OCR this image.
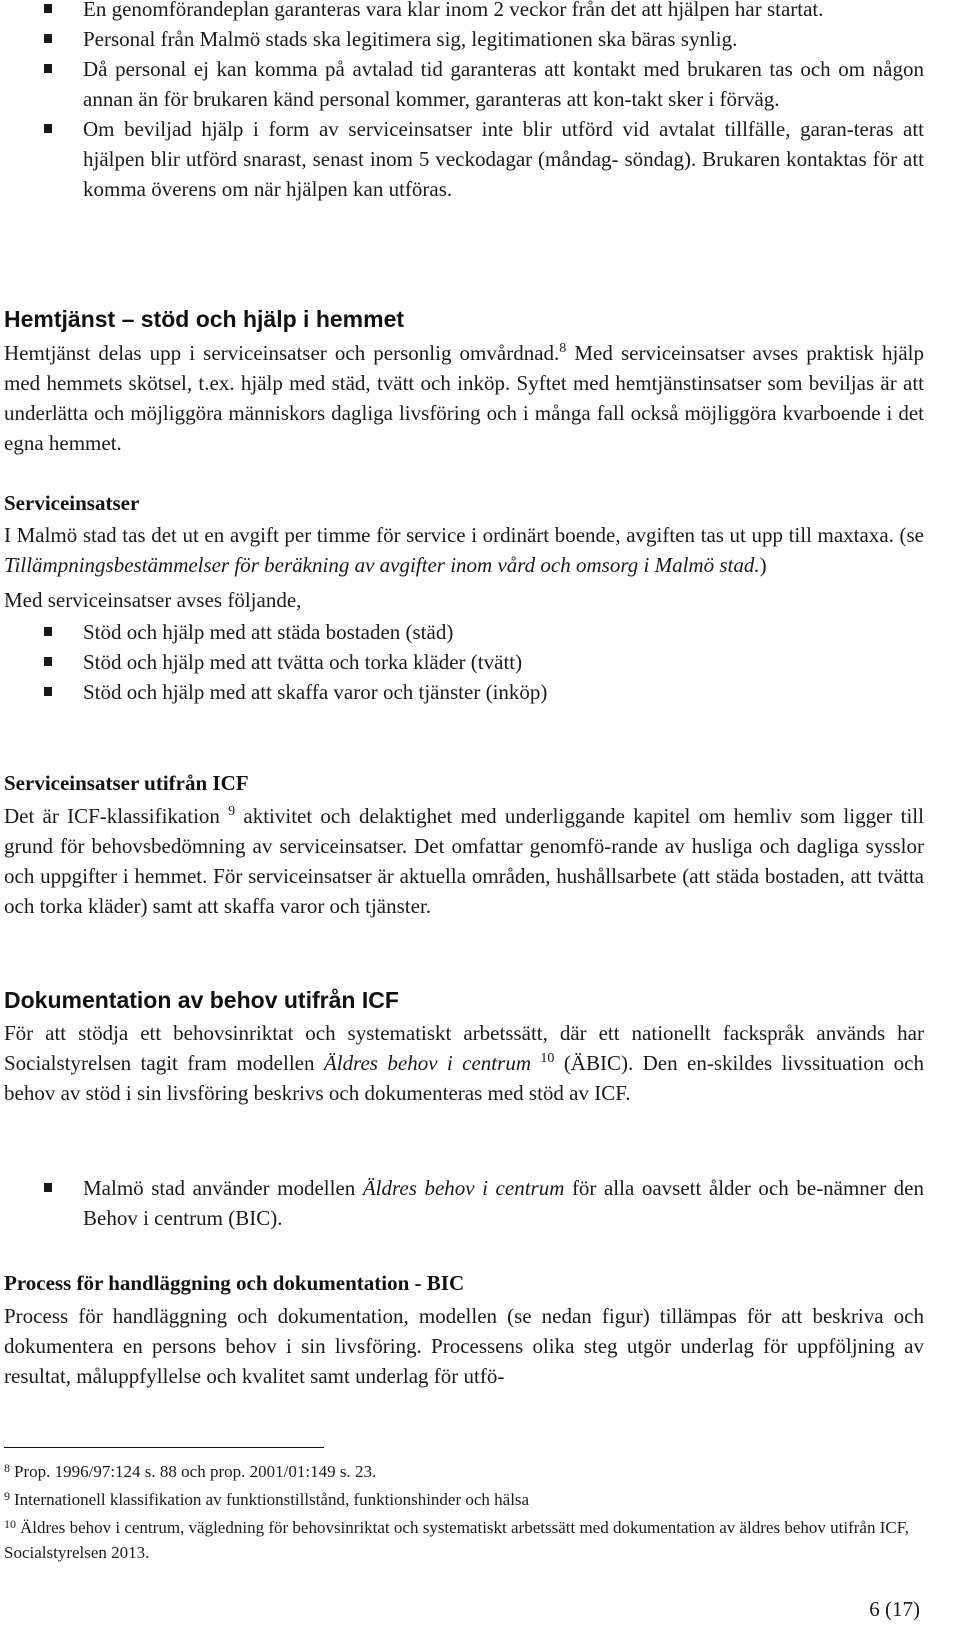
En genomförandeplan garanteras vara klar inom 2 veckor från det att hjälpen har startat.
Personal från Malmö stads ska legitimera sig, legitimationen ska bäras synlig.
Då personal ej kan komma på avtalad tid garanteras att kontakt med brukaren tas och om någon annan än för brukaren känd personal kommer, garanteras att kon-takt sker i förväg.
Om beviljad hjälp i form av serviceinsatser inte blir utförd vid avtalat tillfälle, garan-teras att hjälpen blir utförd snarast, senast inom 5 veckodagar (måndag- söndag). Brukaren kontaktas för att komma överens om när hjälpen kan utföras.
Hemtjänst – stöd och hjälp i hemmet
Hemtjänst delas upp i serviceinsatser och personlig omvårdnad.$^8$ Med serviceinsatser avses praktisk hjälp med hemmets skötsel, t.ex. hjälp med städ, tvätt och inköp. Syftet med hemtjänstinsatser som beviljas är att underlätta och möjliggöra människors dagliga livsföring och i många fall också möjliggöra kvarboende i det egna hemmet.
Serviceinsatser
I Malmö stad tas det ut en avgift per timme för service i ordinärt boende, avgiften tas ut upp till maxtaxa. (se Tillämpningsbestämmelser för beräkning av avgifter inom vård och omsorg i Malmö stad.)
Med serviceinsatser avses följande,
Stöd och hjälp med att städa bostaden (städ)
Stöd och hjälp med att tvätta och torka kläder (tvätt)
Stöd och hjälp med att skaffa varor och tjänster (inköp)
Serviceinsatser utifrån ICF
Det är ICF-klassifikation $^9$ aktivitet och delaktighet med underliggande kapitel om hemliv som ligger till grund för behovsbedömning av serviceinsatser. Det omfattar genomfö-rande av husliga och dagliga sysslor och uppgifter i hemmet. För serviceinsatser är aktuella områden, hushållsarbete (att städa bostaden, att tvätta och torka kläder) samt att skaffa varor och tjänster.
Dokumentation av behov utifrån ICF
För att stödja ett behovsinriktat och systematiskt arbetssätt, där ett nationellt fackspråk används har Socialstyrelsen tagit fram modellen Äldres behov i centrum $^{10}$ (ÄBIC). Den en-skildes livssituation och behov av stöd i sin livsföring beskrivs och dokumenteras med stöd av ICF.
Malmö stad använder modellen Äldres behov i centrum för alla oavsett ålder och be-nämner den Behov i centrum (BIC).
Process för handläggning och dokumentation - BIC
Process för handläggning och dokumentation, modellen (se nedan figur) tillämpas för att beskriva och dokumentera en persons behov i sin livsföring. Processens olika steg utgör underlag för uppföljning av resultat, måluppfyllelse och kvalitet samt underlag för utfö-

$^8$ Prop. 1996/97:124 s. 88 och prop. 2001/01:149 s. 23.

$^9$ Internationell klassifikation av funktionstillstånd, funktionshinder och hälsa

$^{10}$ Äldres behov i centrum, vägledning för behovsinriktat och systematiskt arbetssätt med dokumentation av äldres behov utifrån ICF, Socialstyrelsen 2013.

6 (17)
